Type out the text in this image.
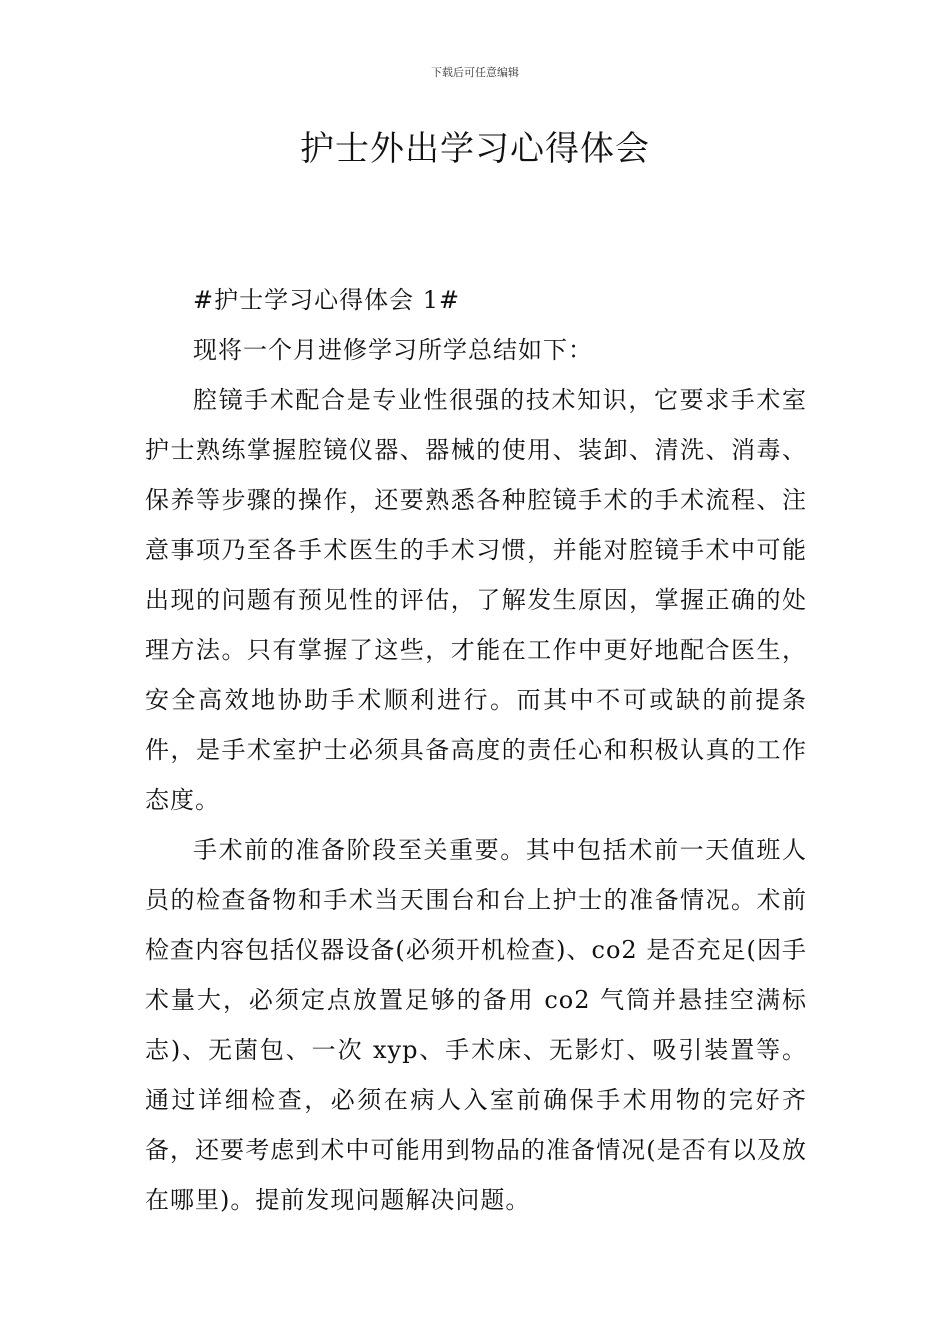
下载后可任意编辑
护士外出学习心得体会

#护士学习心得体会 1#

现将一个月进修学习所学总结如下：

腔镜手术配合是专业性很强的技术知识，它要求手术室护士熟练掌握腔镜仪器、器械的使用、装卸、清洗、消毒、保养等步骤的操作，还要熟悉各种腔镜手术的手术流程、注意事项乃至各手术医生的手术习惯，并能对腔镜手术中可能出现的问题有预见性的评估，了解发生原因，掌握正确的处理方法。只有掌握了这些，才能在工作中更好地配合医生，安全高效地协助手术顺利进行。而其中不可或缺的前提条件，是手术室护士必须具备高度的责任心和积极认真的工作态度。

手术前的准备阶段至关重要。其中包括术前一天值班人员的检查备物和手术当天围台和台上护士的准备情况。术前检查内容包括仪器设备(必须开机检查)、co2 是否充足(因手术量大，必须定点放置足够的备用 co2 气筒并悬挂空满标志)、无菌包、一次 xyp、手术床、无影灯、吸引装置等。通过详细检查，必须在病人入室前确保手术用物的完好齐备，还要考虑到术中可能用到物品的准备情况(是否有以及放在哪里)。提前发现问题解决问题。
